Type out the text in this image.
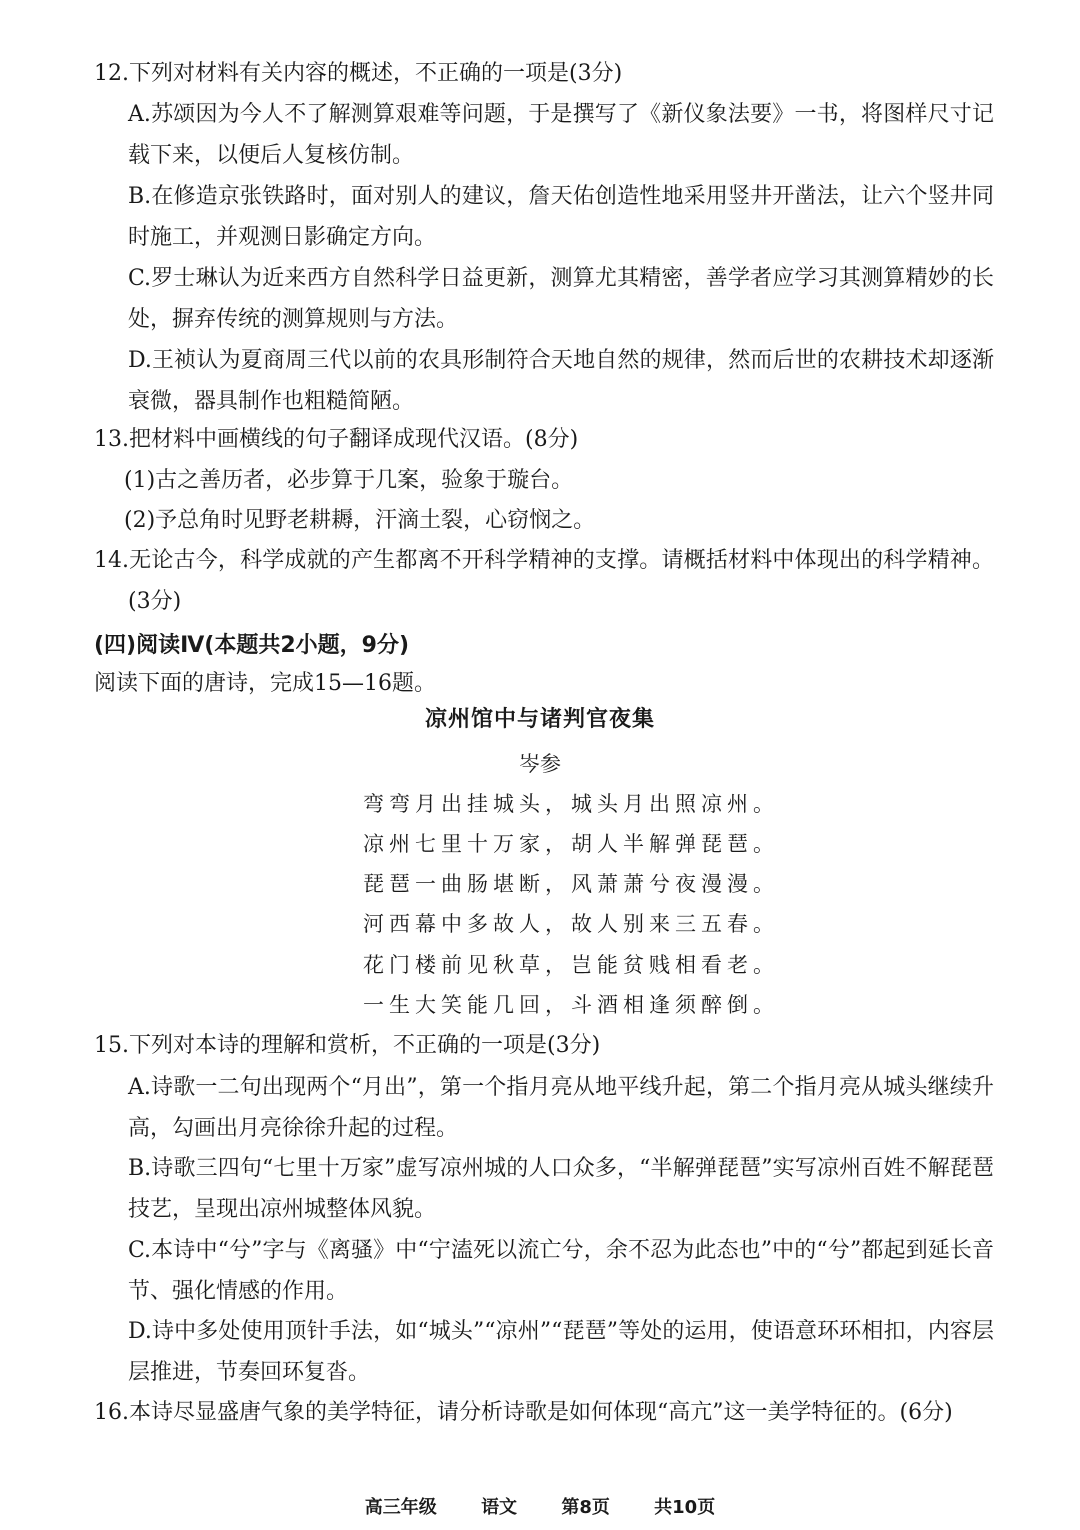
12.下列对材料有关内容的概述，不正确的一项是(3分)
A.苏颂因为今人不了解测算艰难等问题，于是撰写了《新仪象法要》一书，将图样尺寸记载下来，以便后人复核仿制。
B.在修造京张铁路时，面对别人的建议，詹天佑创造性地采用竖井开凿法，让六个竖井同时施工，并观测日影确定方向。
C.罗士琳认为近来西方自然科学日益更新，测算尤其精密，善学者应学习其测算精妙的长处，摒弃传统的测算规则与方法。
D.王祯认为夏商周三代以前的农具形制符合天地自然的规律，然而后世的农耕技术却逐渐衰微，器具制作也粗糙简陋。
13.把材料中画横线的句子翻译成现代汉语。(8分)
(1)古之善历者，必步算于几案，验象于璇台。
(2)予总角时见野老耕耨，汗滴土裂，心窃悯之。
14.无论古今，科学成就的产生都离不开科学精神的支撑。请概括材料中体现出的科学精神。(3分)
(四)阅读Ⅳ(本题共2小题，9分)
阅读下面的唐诗，完成15—16题。
凉州馆中与诸判官夜集
岑参
弯弯月出挂城头，城头月出照凉州。
凉州七里十万家，胡人半解弹琵琶。
琵琶一曲肠堪断，风萧萧兮夜漫漫。
河西幕中多故人，故人别来三五春。
花门楼前见秋草，岂能贫贱相看老。
一生大笑能几回，斗酒相逢须醉倒。
15.下列对本诗的理解和赏析，不正确的一项是(3分)
A.诗歌一二句出现两个“月出”，第一个指月亮从地平线升起，第二个指月亮从城头继续升高，勾画出月亮徐徐升起的过程。
B.诗歌三四句“七里十万家”虚写凉州城的人口众多，“半解弹琵琶”实写凉州百姓不解琵琶技艺，呈现出凉州城整体风貌。
C.本诗中“兮”字与《离骚》中“宁溘死以流亡兮，余不忍为此态也”中的“兮”都起到延长音节、强化情感的作用。
D.诗中多处使用顶针手法，如“城头”“凉州”“琵琶”等处的运用，使语意环环相扣，内容层层推进，节奏回环复沓。
16.本诗尽显盛唐气象的美学特征，请分析诗歌是如何体现“高亢”这一美学特征的。(6分)
高三年级 语文 第8页 共10页
